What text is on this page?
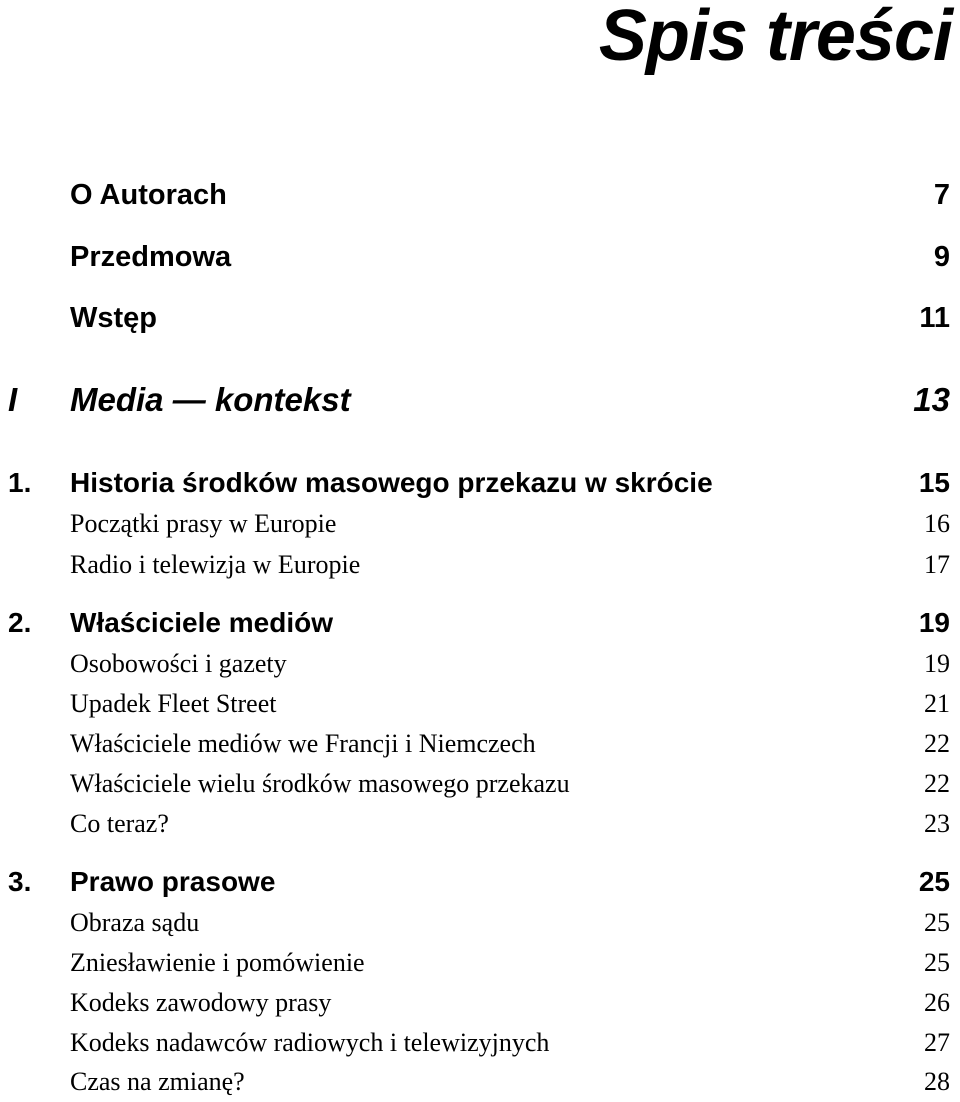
Spis treści
O Autorach	7
Przedmowa	9
Wstęp	11
I Media — kontekst	13
1. Historia środków masowego przekazu w skrócie	15
Początki prasy w Europie	16
Radio i telewizja w Europie	17
2. Właściciele mediów	19
Osobowości i gazety	19
Upadek Fleet Street	21
Właściciele mediów we Francji i Niemczech	22
Właściciele wielu środków masowego przekazu	22
Co teraz?	23
3. Prawo prasowe	25
Obraza sądu	25
Zniesławienie i pomówienie	25
Kodeks zawodowy prasy	26
Kodeks nadawców radiowych i telewizyjnych	27
Czas na zmianę?	28
